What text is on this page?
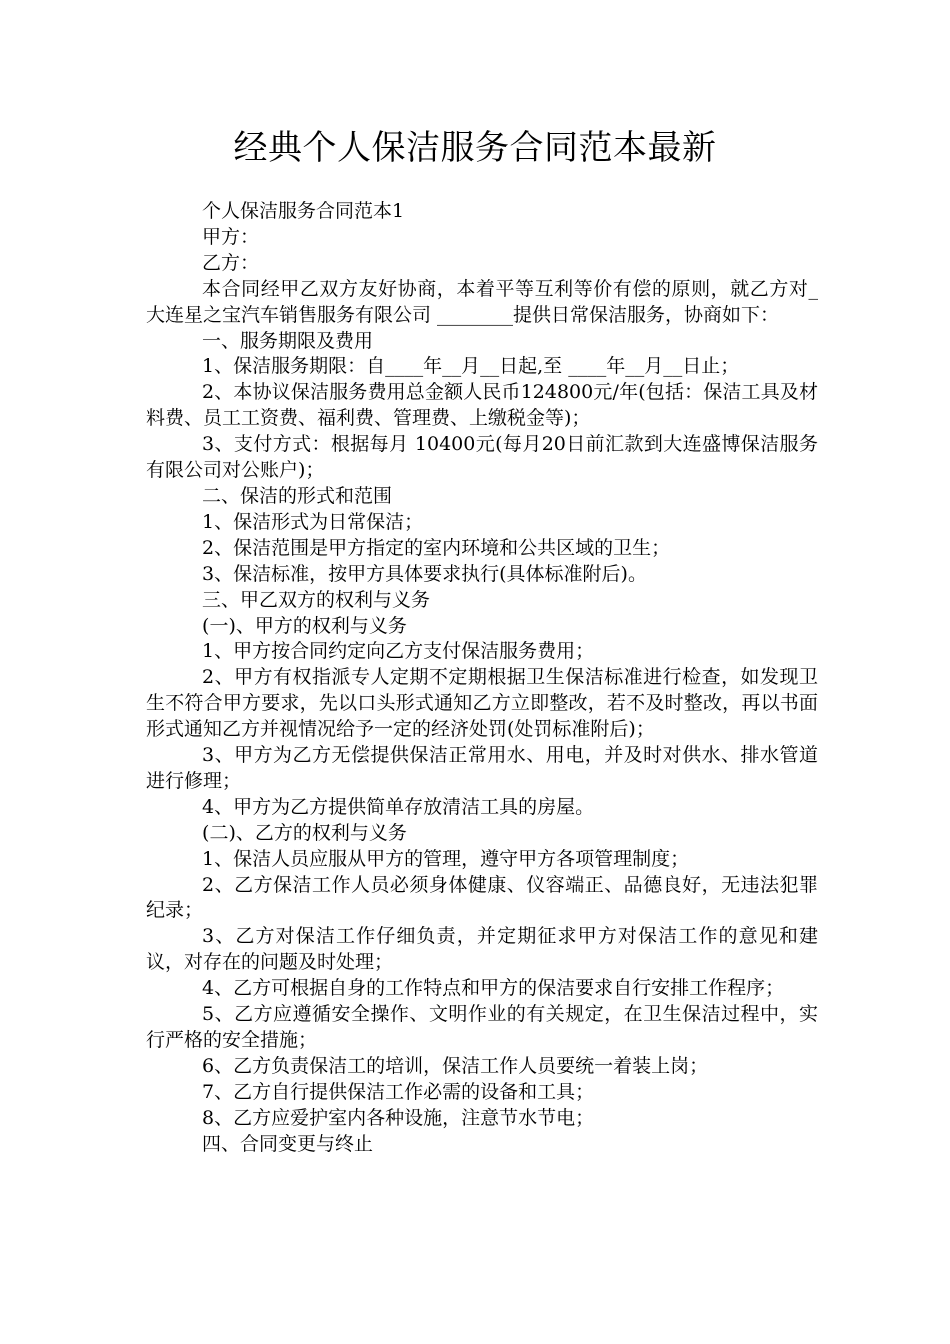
经典个人保洁服务合同范本最新

个人保洁服务合同范本1

甲方：

乙方：

本合同经甲乙双方友好协商，本着平等互利等价有偿的原则，就乙方对_大连星之宝汽车销售服务有限公司 ________提供日常保洁服务，协商如下：

一、服务期限及费用

1、保洁服务期限：自____年__月__日起,至 ____年__月__日止；

2、本协议保洁服务费用总金额人民币124800元/年(包括：保洁工具及材料费、员工工资费、福利费、管理费、上缴税金等)；

3、支付方式：根据每月 10400元(每月20日前汇款到大连盛博保洁服务有限公司对公账户)；

二、保洁的形式和范围

1、保洁形式为日常保洁；

2、保洁范围是甲方指定的室内环境和公共区域的卫生；

3、保洁标准，按甲方具体要求执行(具体标准附后)。

三、甲乙双方的权利与义务

(一)、甲方的权利与义务

1、甲方按合同约定向乙方支付保洁服务费用；

2、甲方有权指派专人定期不定期根据卫生保洁标准进行检查，如发现卫生不符合甲方要求，先以口头形式通知乙方立即整改，若不及时整改，再以书面形式通知乙方并视情况给予一定的经济处罚(处罚标准附后)；

3、甲方为乙方无偿提供保洁正常用水、用电，并及时对供水、排水管道进行修理；

4、甲方为乙方提供简单存放清洁工具的房屋。

(二)、乙方的权利与义务

1、保洁人员应服从甲方的管理，遵守甲方各项管理制度；

2、乙方保洁工作人员必须身体健康、仪容端正、品德良好，无违法犯罪纪录；

3、乙方对保洁工作仔细负责，并定期征求甲方对保洁工作的意见和建议，对存在的问题及时处理；

4、乙方可根据自身的工作特点和甲方的保洁要求自行安排工作程序；

5、乙方应遵循安全操作、文明作业的有关规定，在卫生保洁过程中，实行严格的安全措施；

6、乙方负责保洁工的培训，保洁工作人员要统一着装上岗；

7、乙方自行提供保洁工作必需的设备和工具；

8、乙方应爱护室内各种设施，注意节水节电；

四、合同变更与终止
